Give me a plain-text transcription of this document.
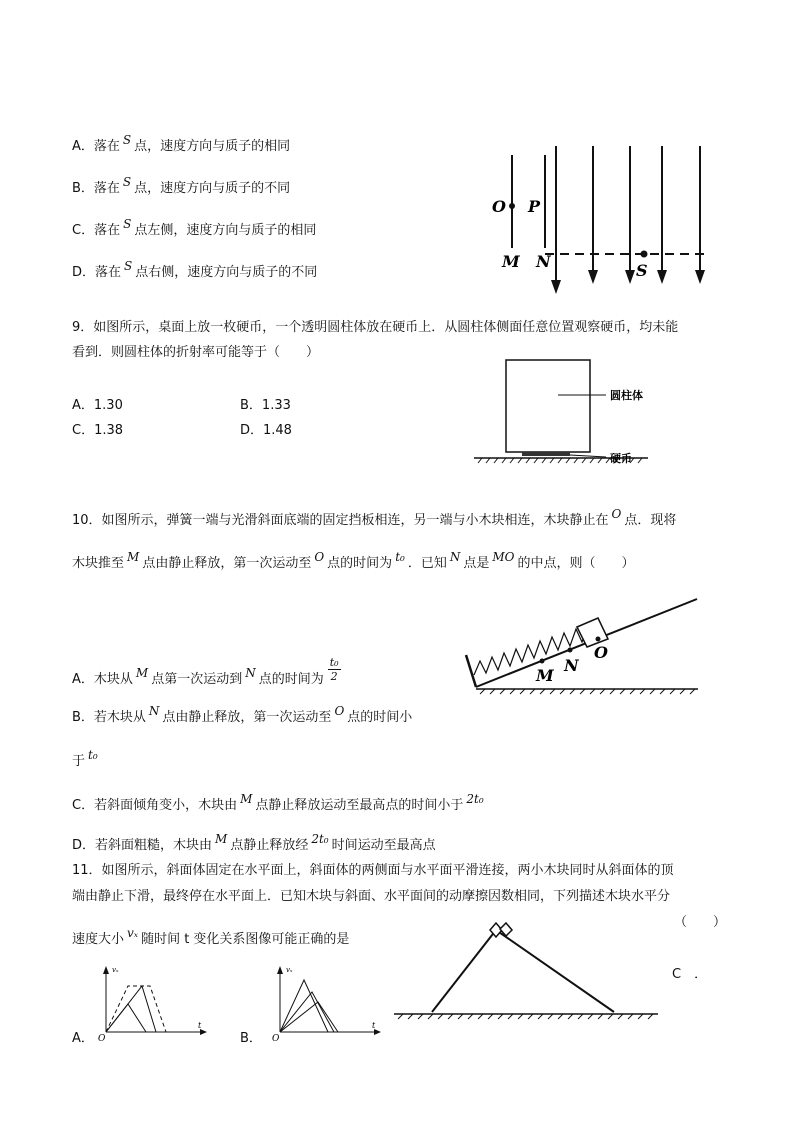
A．落在 S 点，速度方向与质子的相同
B．落在 S 点，速度方向与质子的不同
C．落在 S 点左侧，速度方向与质子的相同
D．落在 S 点右侧，速度方向与质子的不同
O P
M N	S
9．如图所示，桌面上放一枚硬币，一个透明圆柱体放在硬币上．从圆柱体侧面任意位置观察硬币，均未能
看到．则圆柱体的折射率可能等于（　　）
A．1.30	B．1.33
C．1.38	D．1.48
圆柱体
硬币
10．如图所示，弹簧一端与光滑斜面底端的固定挡板相连，另一端与小木块相连，木块静止在 O 点．现将
木块推至 M 点由静止释放，第一次运动至 O 点的时间为 t₀ ．已知 N 点是 MO 的中点，则（　　）
A．木块从 M 点第一次运动到 N 点的时间为 $\frac{\text{t₀}}{2}$
B．若木块从 N 点由静止释放，第一次运动至 O 点的时间小
于 t₀
C．若斜面倾角变小，木块由 M 点静止释放运动至最高点的时间小于 2t₀
D．若斜面粗糙，木块由 M 点静止释放经 2t₀ 时间运动至最高点
M
N
O
11．如图所示，斜面体固定在水平面上，斜面体的两侧面与水平面平滑连接，两小木块同时从斜面体的顶
端由静止下滑，最终停在水平面上．已知木块与斜面、水平面间的动摩擦因数相同，下列描述木块水平分
速度大小 vₓ 随时间 t 变化关系图像可能正确的是
（　　）
C　．
vₓ
t
O
A．
vₓ
t
O
B．
